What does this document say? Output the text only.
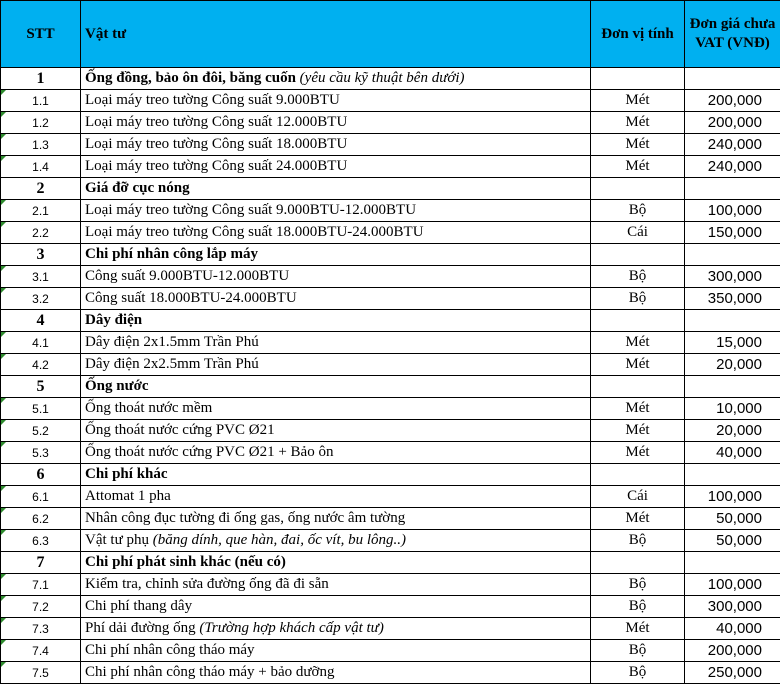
STT	Vật tư	Đơn vị tính	Đơn giá chưa VAT (VNĐ)
1	Ống đồng, bảo ôn đôi, băng cuốn (yêu cầu kỹ thuật bên dưới)		

1.1	Loại máy treo tường Công suất 9.000BTU	Mét	200,000

1.2	Loại máy treo tường Công suất 12.000BTU	Mét	200,000

1.3	Loại máy treo tường Công suất 18.000BTU	Mét	240,000

1.4	Loại máy treo tường Công suất 24.000BTU	Mét	240,000
2	Giá đỡ cục nóng		

2.1	Loại máy treo tường Công suất 9.000BTU-12.000BTU	Bộ	100,000

2.2	Loại máy treo tường Công suất 18.000BTU-24.000BTU	Cái	150,000
3	Chi phí nhân công lắp máy		

3.1	Công suất 9.000BTU-12.000BTU	Bộ	300,000

3.2	Công suất 18.000BTU-24.000BTU	Bộ	350,000
4	Dây điện		

4.1	Dây điện 2x1.5mm Trần Phú	Mét	15,000

4.2	Dây điện 2x2.5mm Trần Phú	Mét	20,000
5	Ống nước		

5.1	Ống thoát nước mềm	Mét	10,000

5.2	Ống thoát nước cứng PVC Ø21	Mét	20,000

5.3	Ống thoát nước cứng PVC Ø21 + Bảo ôn	Mét	40,000
6	Chi phí khác		

6.1	Attomat 1 pha	Cái	100,000

6.2	Nhân công đục tường đi ống gas, ống nước âm tường	Mét	50,000

6.3	Vật tư phụ (băng dính, que hàn, đai, ốc vít, bu lông..)	Bộ	50,000
7	Chi phí phát sinh khác (nếu có)		

7.1	Kiểm tra, chỉnh sửa đường ống đã đi sẵn	Bộ	100,000

7.2	Chi phí thang dây	Bộ	300,000

7.3	Phí dải đường ống (Trường hợp khách cấp vật tư)	Mét	40,000

7.4	Chi phí nhân công tháo máy	Bộ	200,000

7.5	Chi phí nhân công tháo máy + bảo dưỡng	Bộ	250,000
